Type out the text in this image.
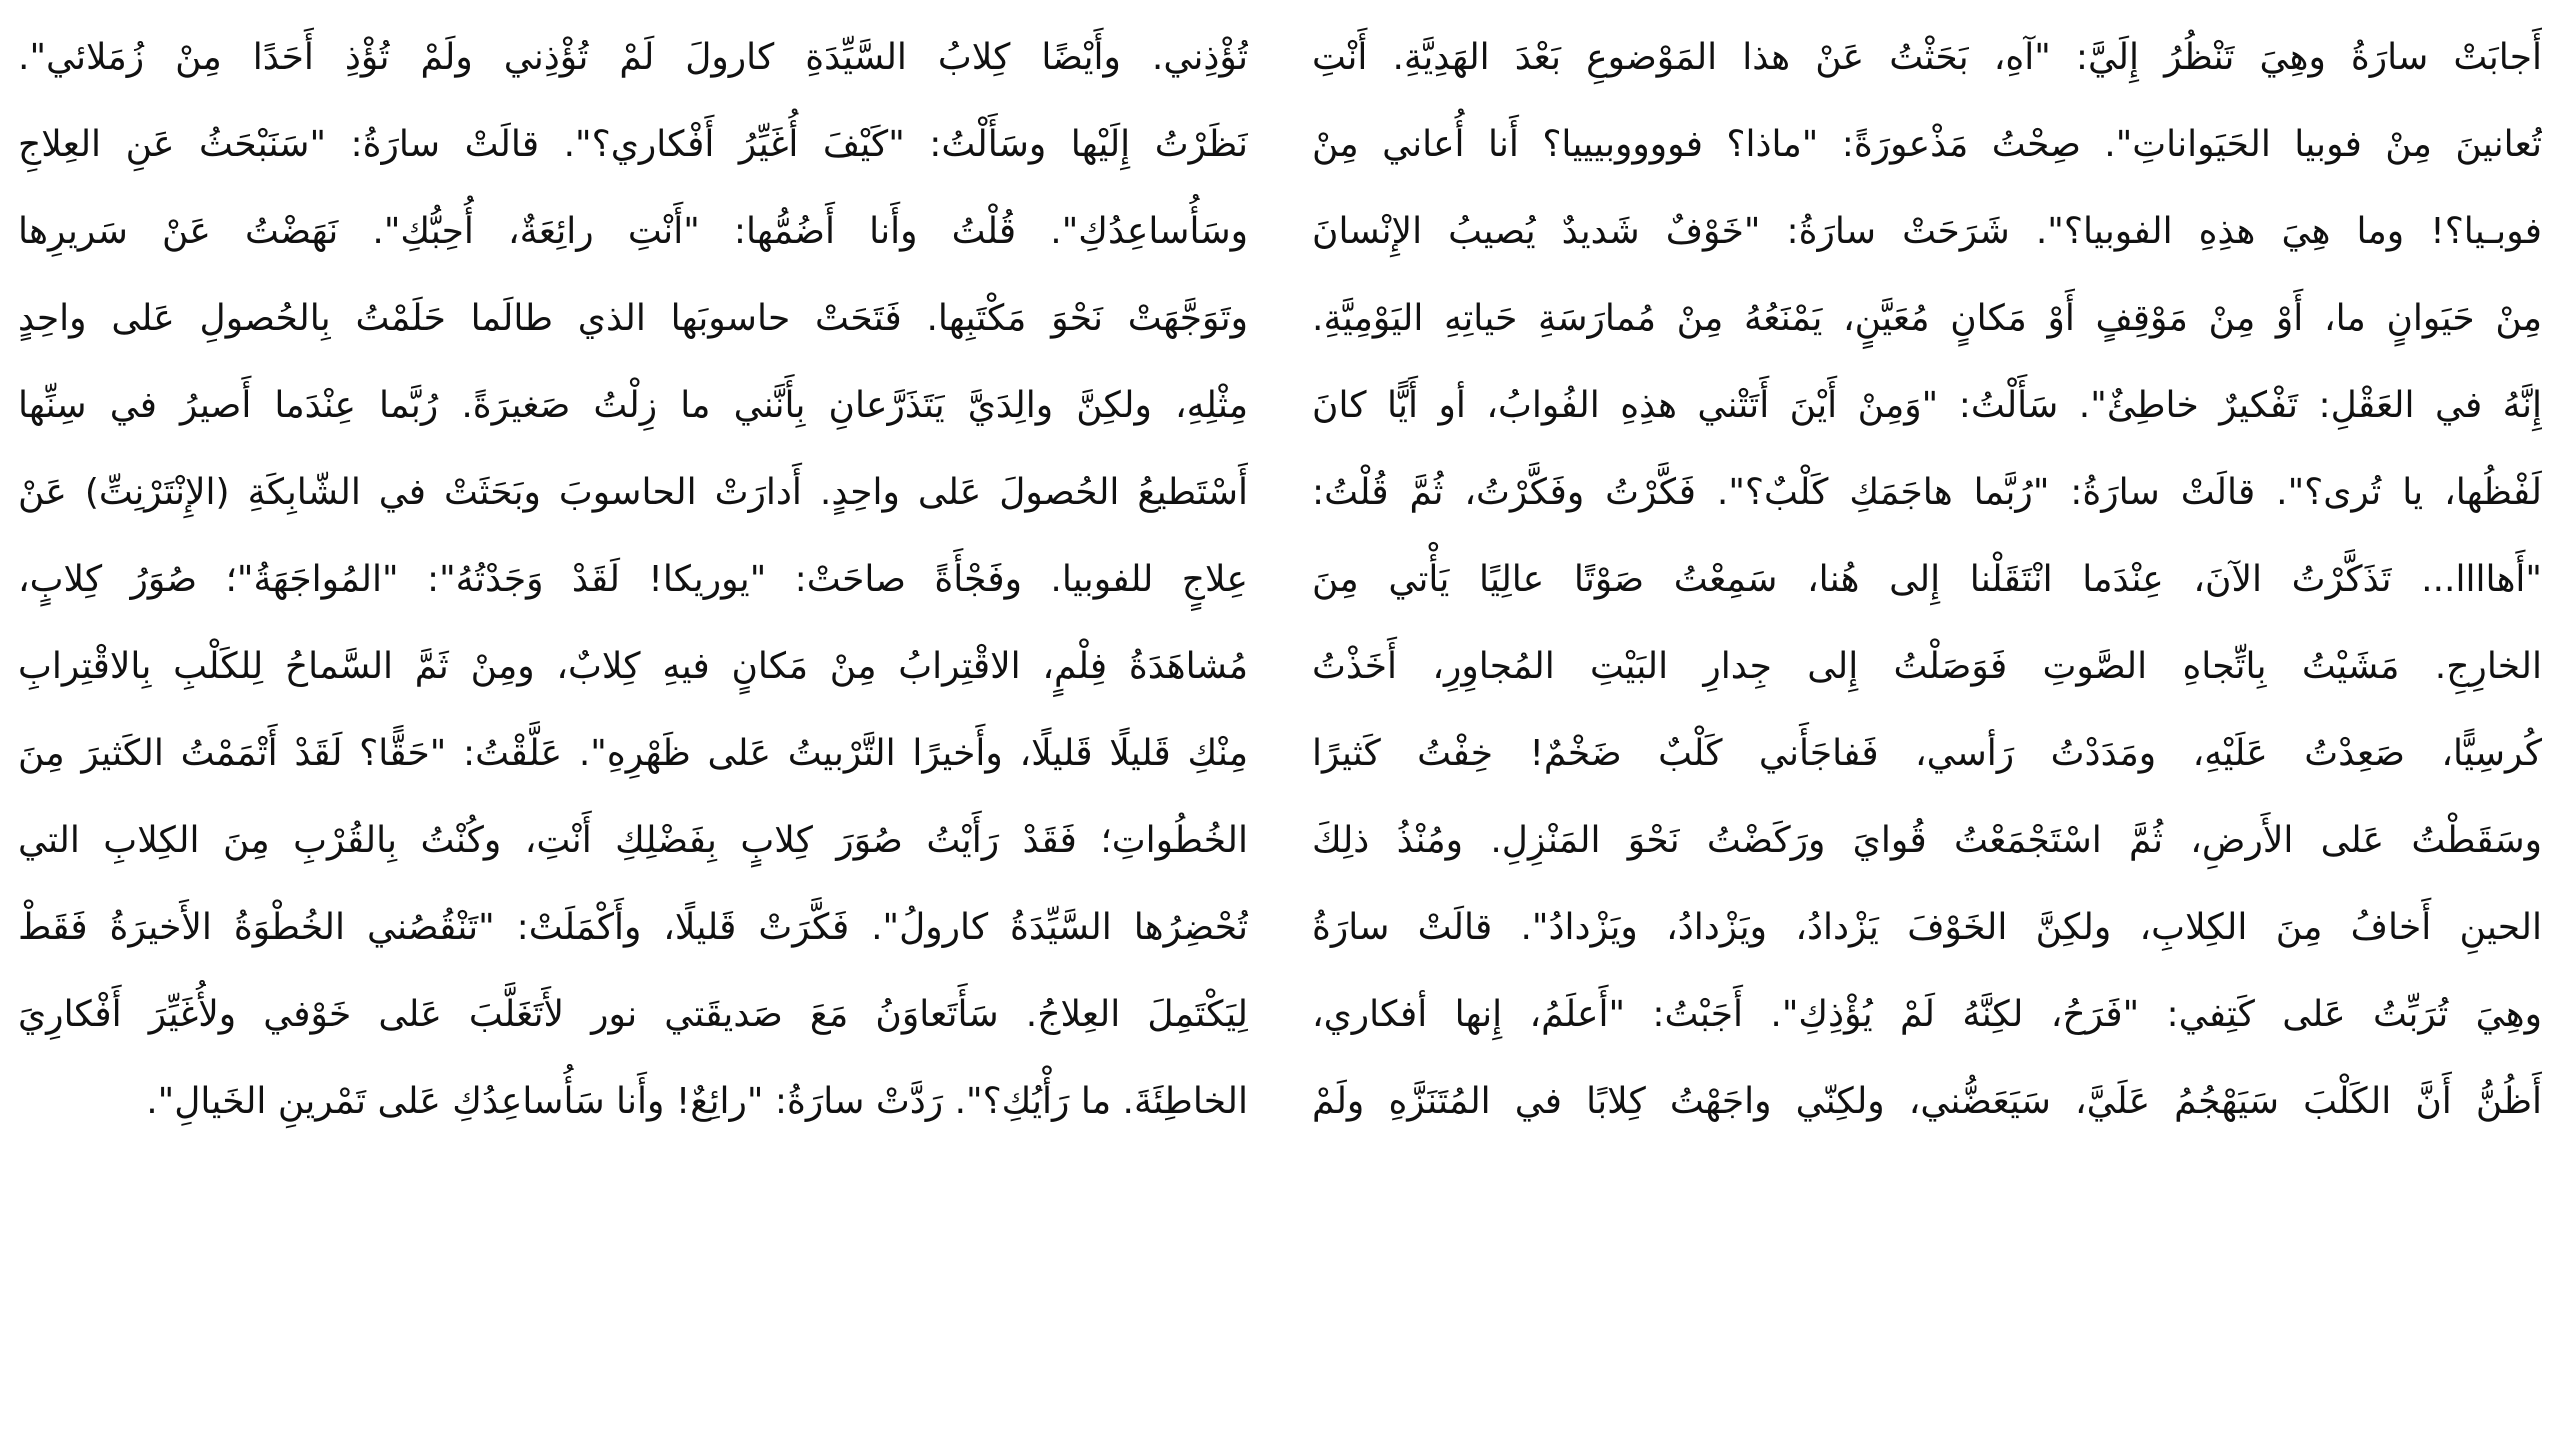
أَجابَتْ سارَةُ وهِيَ تَنْظُرُ إِلَيَّ: "آهِ، بَحَثْتُ عَنْ هذا المَوْضوعِ بَعْدَ الهَدِيَّةِ. أَنْتِ
تُعانينَ مِنْ فوبيا الحَيَواناتِ". صِحْتُ مَذْعورَةً: "ماذا؟ فووووبيييا؟ أَنا أُعاني مِنْ
فوبـيا؟! وما هِيَ هذِهِ الفوبيا؟". شَرَحَتْ سارَةُ: "خَوْفٌ شَديدٌ يُصيبُ الإِنْسانَ
مِنْ حَيَوانٍ ما، أَوْ مِنْ مَوْقِفٍ أَوْ مَكانٍ مُعَيَّنٍ، يَمْنَعُهُ مِنْ مُمارَسَةِ حَياتِهِ اليَوْمِيَّةِ.
إِنَّهُ في العَقْلِ: تَفْكيرٌ خاطِئٌ". سَأَلْتُ: "وَمِنْ أَيْنَ أَتَتْني هذِهِ الفُوابُ، أو أَيًّا كانَ
لَفْظُها، يا تُرى؟". قالَتْ سارَةُ: "رُبَّما هاجَمَكِ كَلْبٌ؟". فَكَّرْتُ وفَكَّرْتُ، ثُمَّ قُلْتُ:
"أَهاااا... تَذَكَّرْتُ الآنَ، عِنْدَما انْتَقَلْنا إِلى هُنا، سَمِعْتُ صَوْتًا عالِيًا يَأْتي مِنَ
الخارِجِ. مَشَيْتُ بِاتِّجاهِ الصَّوتِ فَوَصَلْتُ إِلى جِدارِ البَيْتِ المُجاوِرِ، أَخَذْتُ
كُرسِيًّا، صَعِدْتُ عَلَيْهِ، ومَدَدْتُ رَأسي، فَفاجَأَني كَلْبٌ ضَخْمٌ! خِفْتُ كَثيرًا
وسَقَطْتُ عَلى الأَرضِ، ثُمَّ اسْتَجْمَعْتُ قُوايَ ورَكَضْتُ نَحْوَ المَنْزِلِ. ومُنْذُ ذلِكَ
الحينِ أَخافُ مِنَ الكِلابِ، ولكِنَّ الخَوْفَ يَزْدادُ، ويَزْدادُ، ويَزْدادُ". قالَتْ سارَةُ
وهِيَ تُرَبِّتُ عَلى كَتِفي: "فَرَحُ، لكِنَّهُ لَمْ يُؤْذِكِ". أَجَبْتُ: "أَعلَمُ، إِنها أفكاري،
أَظُنُّ أَنَّ الكَلْبَ سَيَهْجُمُ عَلَيَّ، سَيَعَضُّني، ولكِنّي واجَهْتُ كِلابًا في المُتَنَزَّهِ ولَمْ
تُؤْذِني. وأَيْضًا كِلابُ السَّيِّدَةِ كارولَ لَمْ تُؤْذِني ولَمْ تُؤْذِ أَحَدًا مِنْ زُمَلائي".
نَظَرْتُ إِلَيْها وسَأَلْتُ: "كَيْفَ أُغَيِّرُ أَفْكاري؟". قالَتْ سارَةُ: "سَنَبْحَثُ عَنِ العِلاجِ
وسَأُساعِدُكِ". قُلْتُ وأَنا أَضُمُّها: "أَنْتِ رائِعَةٌ، أُحِبُّكِ". نَهَضْتُ عَنْ سَريرِها
وتَوَجَّهَتْ نَحْوَ مَكْتَبِها. فَتَحَتْ حاسوبَها الذي طالَما حَلَمْتُ بِالحُصولِ عَلى واحِدٍ
مِثْلِهِ، ولكِنَّ والِدَيَّ يَتَذَرَّعانِ بِأَنَّني ما زِلْتُ صَغيرَةً. رُبَّما عِنْدَما أَصيرُ في سِنِّها
أَسْتَطيعُ الحُصولَ عَلى واحِدٍ. أَدارَتْ الحاسوبَ وبَحَثَتْ في الشّابِكَةِ (الإِنْتَرْنِتِّ) عَنْ
عِلاجٍ للفوبيا. وفَجْأَةً صاحَتْ: "يوريكا! لَقَدْ وَجَدْتُهُ": "المُواجَهَةُ"؛ صُوَرُ كِلابٍ،
مُشاهَدَةُ فِلْمٍ، الاقْتِرابُ مِنْ مَكانٍ فيهِ كِلابٌ، ومِنْ ثَمَّ السَّماحُ لِلكَلْبِ بِالاقْتِرابِ
مِنْكِ قَليلًا قَليلًا، وأَخيرًا التَّرْبيتُ عَلى ظَهْرِهِ". عَلَّقْتُ: "حَقًّا؟ لَقَدْ أَتْمَمْتُ الكَثيرَ مِنَ
الخُطُواتِ؛ فَقَدْ رَأَيْتُ صُوَرَ كِلابٍ بِفَضْلِكِ أَنْتِ، وكُنْتُ بِالقُرْبِ مِنَ الكِلابِ التي
تُحْضِرُها السَّيِّدَةُ كارولُ". فَكَّرَتْ قَليلًا، وأَكْمَلَتْ: "تَنْقُصُني الخُطْوَةُ الأَخيرَةُ فَقَطْ
لِيَكْتَمِلَ العِلاجُ. سَأَتَعاوَنُ مَعَ صَديقَتي نور لأَتَغَلَّبَ عَلى خَوْفي ولأُغَيِّرَ أَفْكارِيَ
الخاطِئَةَ. ما رَأْيُكِ؟". رَدَّتْ سارَةُ: "رائِعٌ! وأَنا سَأُساعِدُكِ عَلى تَمْرينِ الخَيالِ".
